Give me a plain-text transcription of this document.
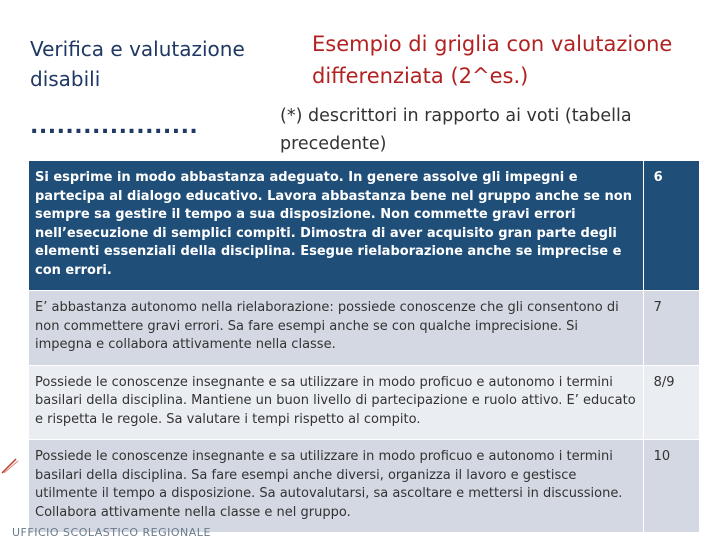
Verifica e valutazione disabili
...................
Esempio di griglia con valutazione differenziata (2^es.)
(*) descrittori in rapporto ai voti (tabella precedente)
Si esprime in modo abbastanza adeguato. In genere assolve gli impegni e partecipa al dialogo educativo. Lavora abbastanza bene nel gruppo anche se non sempre sa gestire il tempo a sua disposizione. Non commette gravi errori nell’esecuzione di semplici compiti. Dimostra di aver acquisito gran parte degli elementi essenziali della disciplina. Esegue rielaborazione anche se imprecise e con errori.	6
E’ abbastanza autonomo nella rielaborazione: possiede conoscenze che gli consentono di non commettere gravi errori. Sa fare esempi anche se con qualche imprecisione. Si impegna e collabora attivamente nella classe.	7
Possiede le conoscenze insegnante e sa utilizzare in modo proficuo e autonomo i termini basilari della disciplina. Mantiene un buon livello di partecipazione e ruolo attivo. E’ educato e rispetta le regole. Sa valutare i tempi rispetto al compito.	8/9
Possiede le conoscenze insegnante e sa utilizzare in modo proficuo e autonomo i termini basilari della disciplina. Sa fare esempi anche diversi, organizza il lavoro e gestisce utilmente il tempo a disposizione. Sa autovalutarsi, sa ascoltare e mettersi in discussione. Collabora attivamente nella classe e nel gruppo.	10
UFFICIO SCOLASTICO REGIONALE
